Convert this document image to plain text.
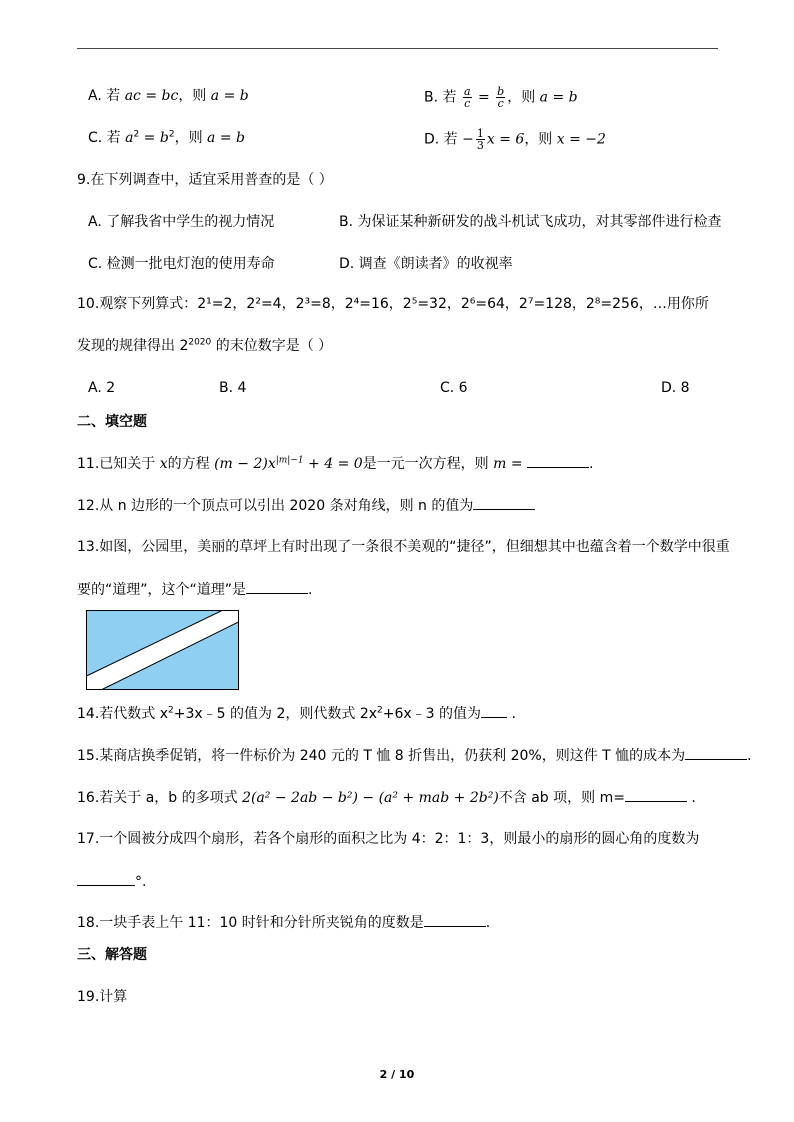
A. 若 ac = bc，则 a = b	B. 若 $\frac{a}{c} = \frac{b}{c}$ ，则 a = b
C. 若 $a^2 = b^2$，则 a = b	D. 若 − $\frac{1}{3}$ x = 6，则 x = −2
9.在下列调查中，适宜采用普查的是（ ）
A. 了解我省中学生的视力情况	B. 为保证某种新研发的战斗机试飞成功，对其零部件进行检查
C. 检测一批电灯泡的使用寿命	D. 调查《朗读者》的收视率
10.观察下列算式：2¹=2，2²=4，2³=8，2⁴=16，2⁵=32，2⁶=64，2⁷=128，2⁸=256，…用你所
发现的规律得出 $2^{2020}$ 的末位数字是（ ）
A. 2	B. 4	C. 6	D. 8
二、填空题
11.已知关于 x的方程 $(m - 2)x^{|m|-1} + 4 = 0$是一元一次方程，则 m =	.
12.从 n 边形的一个顶点可以引出 2020 条对角线，则 n 的值为
13.如图，公园里，美丽的草坪上有时出现了一条很不美观的“捷径”，但细想其中也蕴含着一个数学中很重
要的“道理”，这个“道理”是	.
14.若代数式 $x^2+3x﹣5$ 的值为 2，则代数式 $2x^2+6x﹣3$ 的值为 .
15.某商店换季促销，将一件标价为 240 元的 T 恤 8 折售出，仍获利 20%，则这件 T 恤的成本为	.
16.若关于 a，b 的多项式 2(a² − 2ab − b²) − (a² + mab + 2b²)不含 ab 项，则 m=	.
17.一个圆被分成四个扇形，若各个扇形的面积之比为 4：2：1：3，则最小的扇形的圆心角的度数为
°.
18.一块手表上午 11：10 时针和分针所夹锐角的度数是	.
三、解答题
19.计算
2 / 10
